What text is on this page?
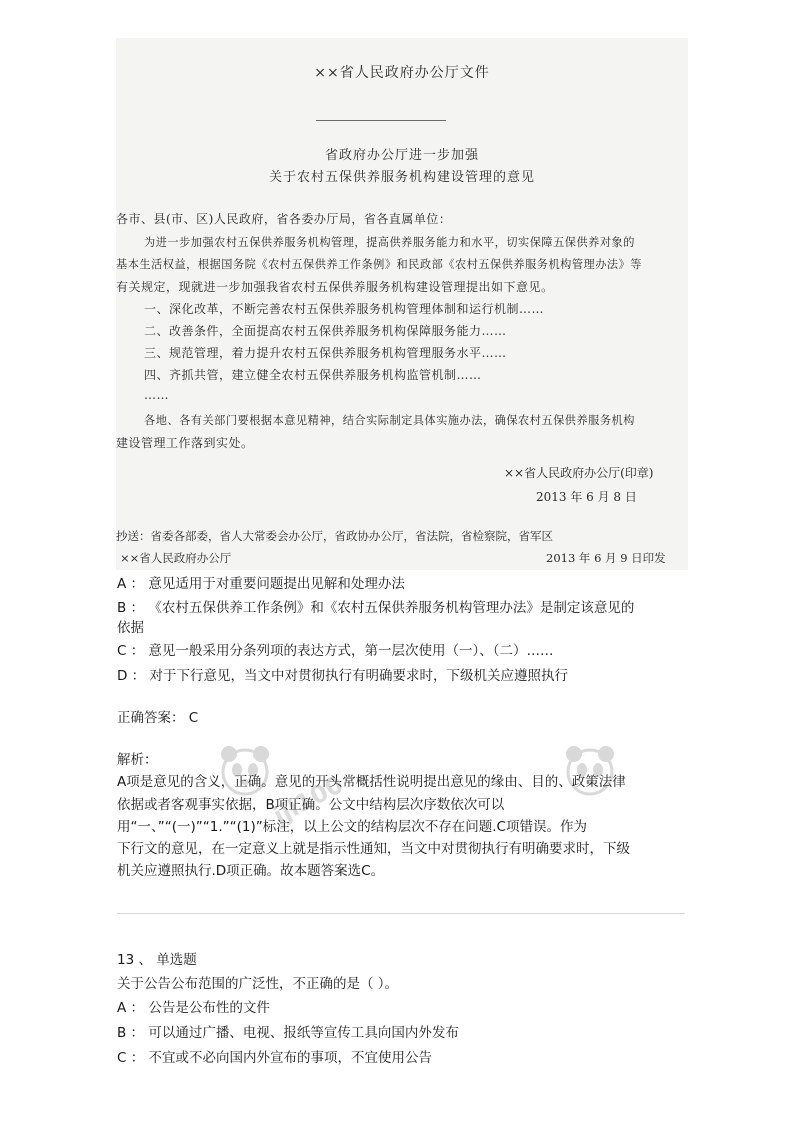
××省人民政府办公厅文件
省政府办公厅进一步加强
关于农村五保供养服务机构建设管理的意见
各市、县(市、区)人民政府，省各委办厅局，省各直属单位：
为进一步加强农村五保供养服务机构管理，提高供养服务能力和水平，切实保障五保供养对象的
基本生活权益，根据国务院《农村五保供养工作条例》和民政部《农村五保供养服务机构管理办法》等
有关规定，现就进一步加强我省农村五保供养服务机构建设管理提出如下意见。
一、深化改革，不断完善农村五保供养服务机构管理体制和运行机制……
二、改善条件，全面提高农村五保供养服务机构保障服务能力……
三、规范管理，着力提升农村五保供养服务机构管理服务水平……
四、齐抓共管，建立健全农村五保供养服务机构监管机制……
……
各地、各有关部门要根据本意见精神，结合实际制定具体实施办法，确保农村五保供养服务机构
建设管理工作落到实处。
××省人民政府办公厅(印章)
2013 年 6 月 8 日
抄送：省委各部委，省人大常委会办公厅，省政协办公厅，省法院，省检察院，省军区
××省人民政府办公厅	2013 年 6 月 9 日印发
A ： 意见适用于对重要问题提出见解和处理办法
B ： 《农村五保供养工作条例》和《农村五保供养服务机构管理办法》是制定该意见的
依据
C ： 意见一般采用分条列项的表达方式，第一层次使用（一）、（二）……
D ： 对于下行意见，当文中对贯彻执行有明确要求时，下级机关应遵照执行
正确答案： C
解析：
A项是意见的含义，正确。意见的开头常概括性说明提出意见的缘由、目的、政策法律
依据或者客观事实依据，B项正确。公文中结构层次序数依次可以
用“一、”“(一)”“1.”“(1)”标注，以上公文的结构层次不存在问题.C项错误。作为
下行文的意见，在一定意义上就是指示性通知，当文中对贯彻执行有明确要求时，下级
机关应遵照执行.D项正确。故本题答案选C。
13 、 单选题
关于公告公布范围的广泛性，不正确的是（ ）。
A ： 公告是公布性的文件
B ： 可以通过广播、电视、报纸等宣传工具向国内外发布
C ： 不宜或不必向国内外宣布的事项，不宜使用公告
jjl100
